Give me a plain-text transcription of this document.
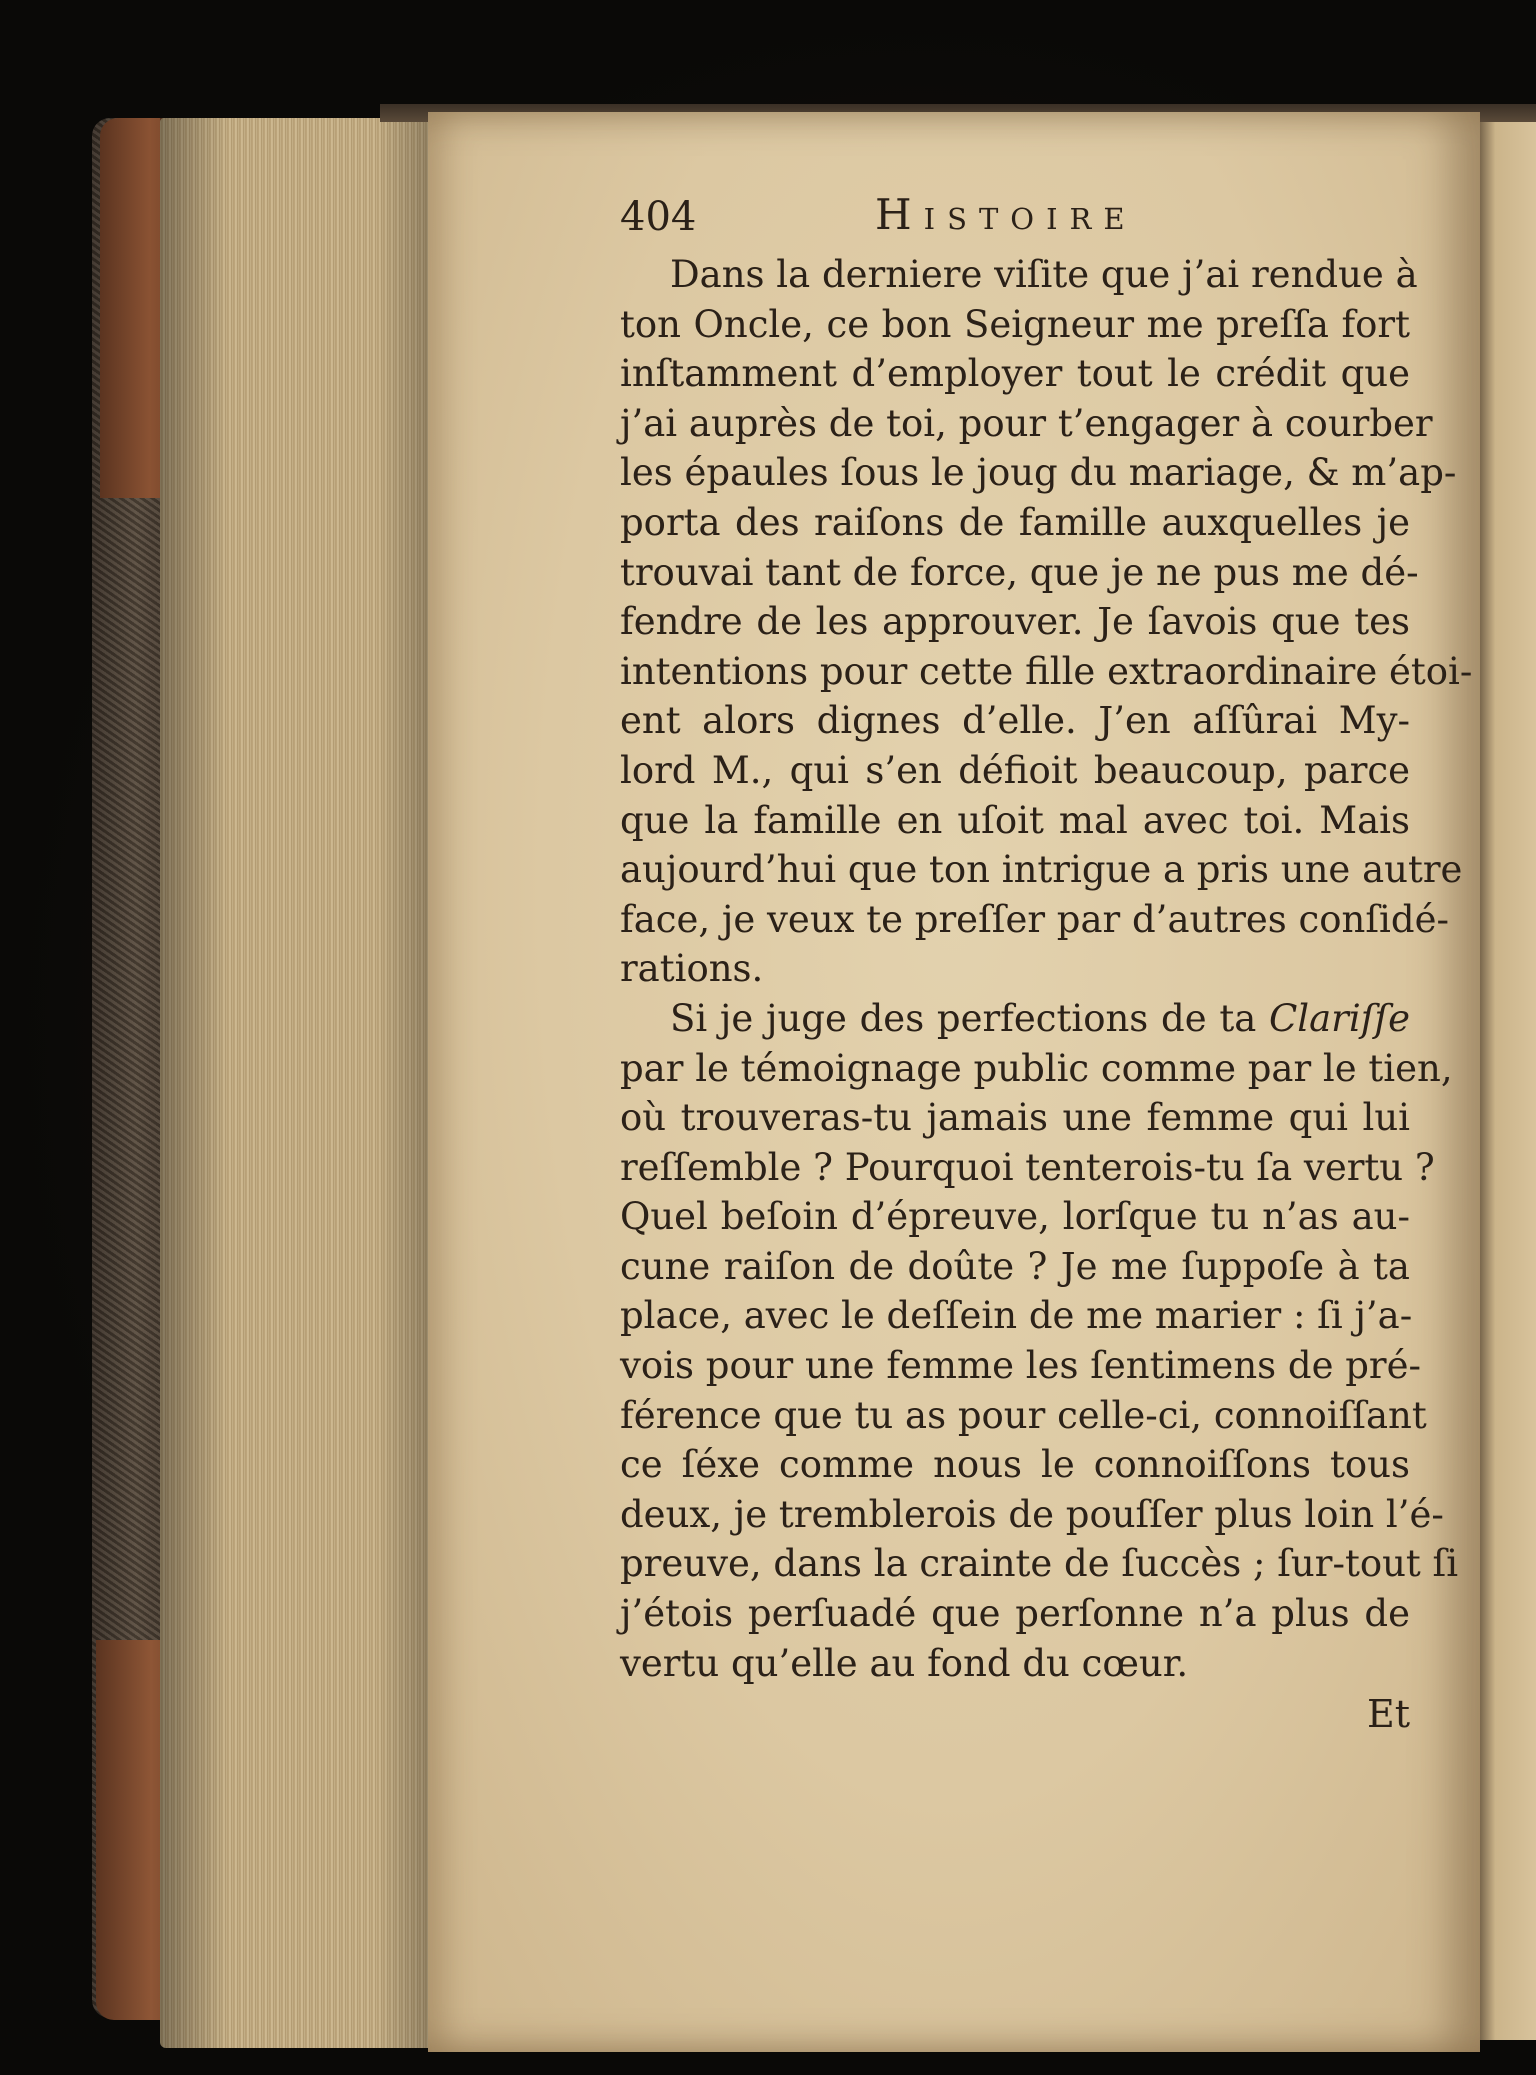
404	Histoire
Dans la derniere viſite que j’ai rendue à
ton Oncle, ce bon Seigneur me preſſa fort
inſtamment d’employer tout le crédit que
j’ai auprès de toi, pour t’engager à courber
les épaules ſous le joug du mariage, & m’ap-
porta des raiſons de famille auxquelles je
trouvai tant de force, que je ne pus me dé-
fendre de les approuver. Je ſavois que tes
intentions pour cette fille extraordinaire étoi-
ent alors dignes d’elle. J’en aſſûrai My-
lord M., qui s’en défioit beaucoup, parce
que la famille en uſoit mal avec toi. Mais
aujourd’hui que ton intrigue a pris une autre
face, je veux te preſſer par d’autres conſidé-
rations.
Si je juge des perfections de ta Clariſſe
par le témoignage public comme par le tien,
où trouveras-tu jamais une femme qui lui
reſſemble ? Pourquoi tenterois-tu ſa vertu ?
Quel beſoin d’épreuve, lorſque tu n’as au-
cune raiſon de doûte ? Je me ſuppoſe à ta
place, avec le deſſein de me marier : ſi j’a-
vois pour une femme les ſentimens de pré-
férence que tu as pour celle-ci, connoiſſant
ce ſéxe comme nous le connoiſſons tous
deux, je tremblerois de pouſſer plus loin l’é-
preuve, dans la crainte de ſuccès ; ſur-tout ſi
j’étois perſuadé que perſonne n’a plus de
vertu qu’elle au fond du cœur.
Et
